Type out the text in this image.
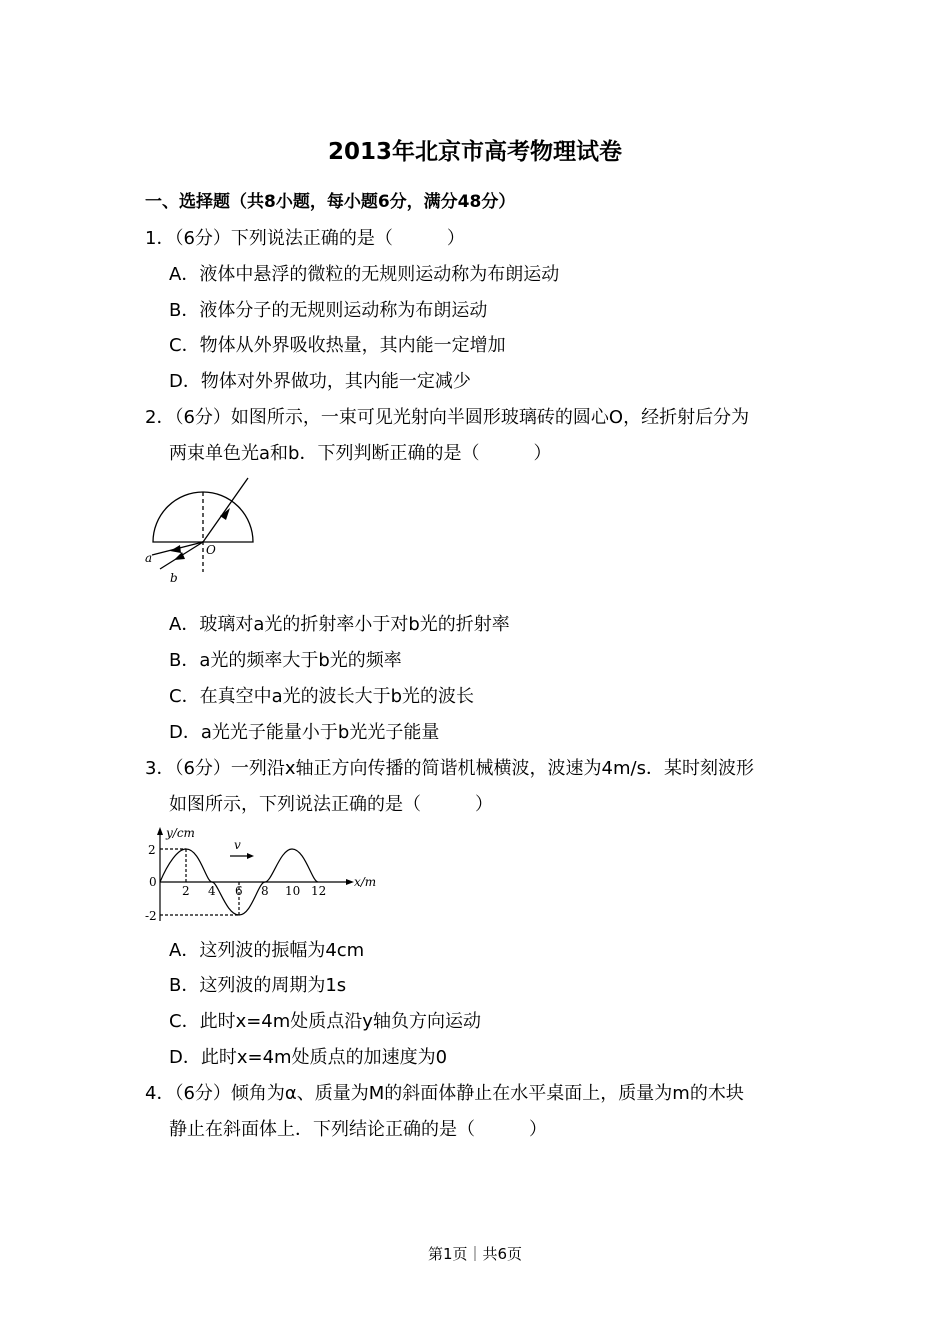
2013年北京市高考物理试卷
一、选择题（共8小题，每小题6分，满分48分）
1．（6分）下列说法正确的是（　　　）
A．液体中悬浮的微粒的无规则运动称为布朗运动
B．液体分子的无规则运动称为布朗运动
C．物体从外界吸收热量，其内能一定增加
D．物体对外界做功，其内能一定减少
2．（6分）如图所示，一束可见光射向半圆形玻璃砖的圆心O，经折射后分为
两束单色光a和b．下列判断正确的是（　　　）
a
b
O
A．玻璃对a光的折射率小于对b光的折射率
B．a光的频率大于b光的频率
C．在真空中a光的波长大于b光的波长
D．a光光子能量小于b光光子能量
3．（6分）一列沿x轴正方向传播的简谐机械横波，波速为4m/s．某时刻波形
如图所示，下列说法正确的是（　　　）
y/cm
x/m
v
2
0
-2
2 4 6 8 10 12
A．这列波的振幅为4cm
B．这列波的周期为1s
C．此时x=4m处质点沿y轴负方向运动
D．此时x=4m处质点的加速度为0
4．（6分）倾角为α、质量为M的斜面体静止在水平桌面上，质量为m的木块
静止在斜面体上．下列结论正确的是（　　　）
第1页｜共6页
